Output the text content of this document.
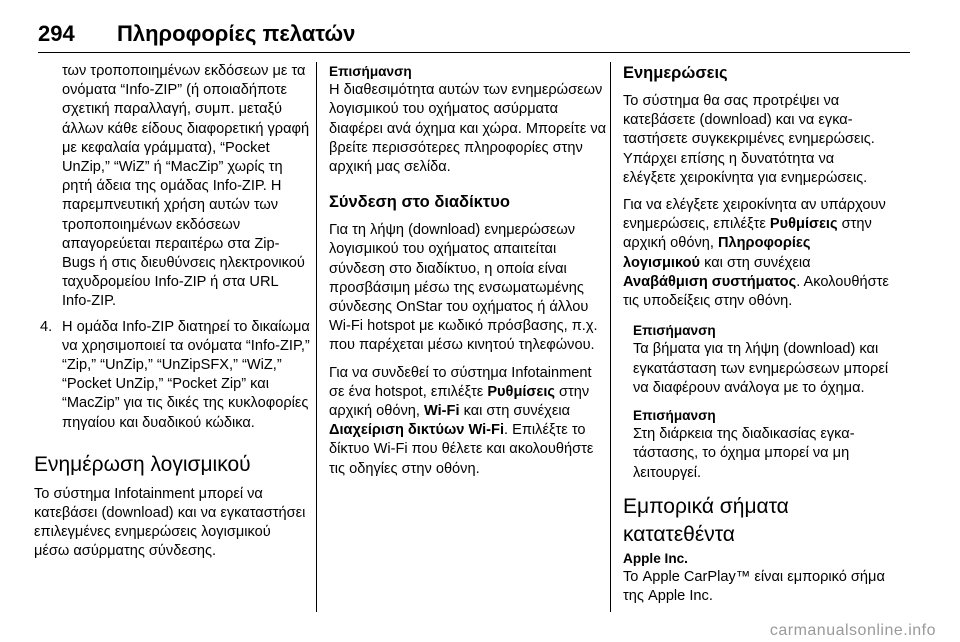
294 Πληροφορίες πελατών

των τροποποιημένων εκδόσεων με τα ονόματα “Info-ZIP” (ή οποιαδήποτε σχετική παραλλαγή, συμπ. μεταξύ άλλων κάθε είδους διαφορετική γραφή με κεφαλαία γράμματα), “Pocket UnZip,” “WiZ” ή “MacZip” χωρίς τη ρητή άδεια της ομάδας Info-ZIP. Η παρεμπνευτική χρήση αυτών των τροποποιημένων εκδόσεων απαγορεύεται περαιτέρω στα Zip-Bugs ή στις διευθύνσεις ηλεκτρονικού ταχυδρομείου Info-ZIP ή στα URL Info-ZIP.

4. Η ομάδα Info-ZIP διατηρεί το δικαίωμα να χρησιμοποιεί τα ονόματα “Info-ZIP,” “Zip,” “UnZip,” “UnZipSFX,” “WiZ,” “Pocket UnZip,” “Pocket Zip” και “MacZip” για τις δικές της κυκλοφορίες πηγαίου και δυαδικού κώδικα.

Ενημέρωση λογισμικού

Το σύστημα Infotainment μπορεί να κατεβάσει (download) και να εγκαταστήσει επιλεγμένες ενημερώσεις λογισμικού μέσω ασύρματης σύνδεσης.

Επισήμανση

Η διαθεσιμότητα αυτών των ενημερώσεων λογισμικού του οχήματος ασύρματα διαφέρει ανά όχημα και χώρα. Μπορείτε να βρείτε περισσότερες πληροφορίες στην αρχική μας σελίδα.

Σύνδεση στο διαδίκτυο

Για τη λήψη (download) ενημερώσεων λογισμικού του οχήματος απαιτείται σύνδεση στο διαδίκτυο, η οποία είναι προσβάσιμη μέσω της ενσωματωμένης σύνδεσης OnStar του οχήματος ή άλλου Wi-Fi hotspot με κωδικό πρόσβασης, π.χ. που παρέχεται μέσω κινητού τηλεφώνου.

Για να συνδεθεί το σύστημα Infotainment σε ένα hotspot, επιλέξτε Ρυθμίσεις στην αρχική οθόνη, Wi-Fi και στη συνέχεια Διαχείριση δικτύων Wi-Fi. Επιλέξτε το δίκτυο Wi-Fi που θέλετε και ακολουθήστε τις οδηγίες στην οθόνη.

Ενημερώσεις

Το σύστημα θα σας προτρέψει να κατεβάσετε (download) και να εγκαταστήσετε συγκεκριμένες ενημερώσεις. Υπάρχει επίσης η δυνατότητα να ελέγξετε χειροκίνητα για ενημερώσεις.

Για να ελέγξετε χειροκίνητα αν υπάρχουν ενημερώσεις, επιλέξτε Ρυθμίσεις στην αρχική οθόνη, Πληροφορίες λογισμικού και στη συνέχεια Αναβάθμιση συστήματος. Ακολουθήστε τις υποδείξεις στην οθόνη.

Επισήμανση

Τα βήματα για τη λήψη (download) και εγκατάσταση των ενημερώσεων μπορεί να διαφέρουν ανάλογα με το όχημα.

Επισήμανση

Στη διάρκεια της διαδικασίας εγκατάστασης, το όχημα μπορεί να μη λειτουργεί.

Εμπορικά σήματα κατατεθέντα
Apple Inc.

Το Apple CarPlay™ είναι εμπορικό σήμα της Apple Inc.

carmanualsonline.info
